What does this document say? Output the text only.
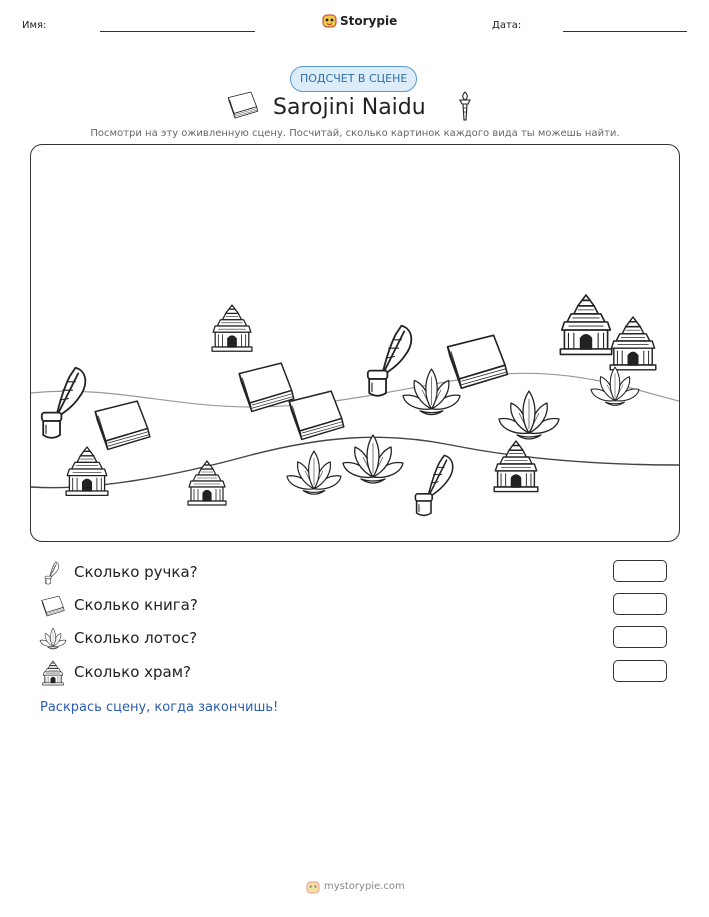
Имя:	Storypie	Дата:
ПОДСЧЕТ В СЦЕНЕ
Sarojini Naidu
Посмотри на эту оживленную сцену. Посчитай, сколько картинок каждого вида ты можешь найти.
Сколько ручка?
Сколько книга?
Сколько лотос?
Сколько храм?
Раскрась сцену, когда закончишь!
mystorypie.com
